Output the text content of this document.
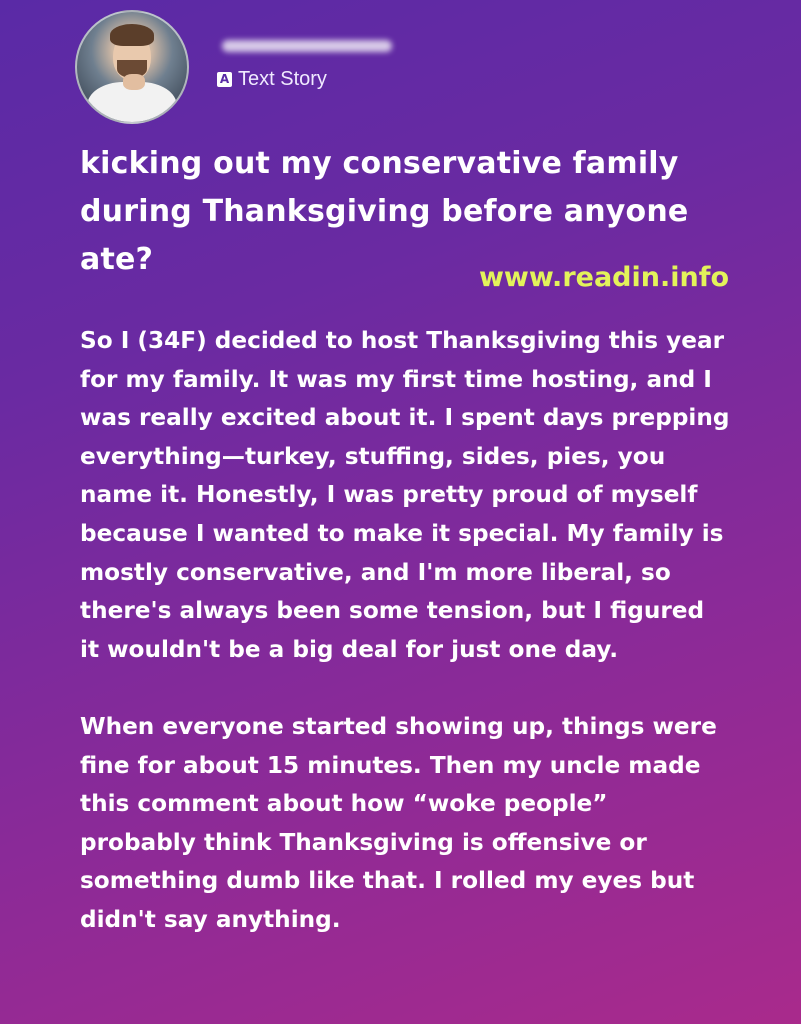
A Text Story
kicking out my conservative family during Thanksgiving before anyone ate?
www.readin.info

So I (34F) decided to host Thanksgiving this year for my family. It was my first time hosting, and I was really excited about it. I spent days prepping everything—turkey, stuffing, sides, pies, you name it. Honestly, I was pretty proud of myself because I wanted to make it special. My family is mostly conservative, and I'm more liberal, so there's always been some tension, but I figured it wouldn't be a big deal for just one day.

When everyone started showing up, things were fine for about 15 minutes. Then my uncle made this comment about how “woke people” probably think Thanksgiving is offensive or something dumb like that. I rolled my eyes but didn't say anything.
